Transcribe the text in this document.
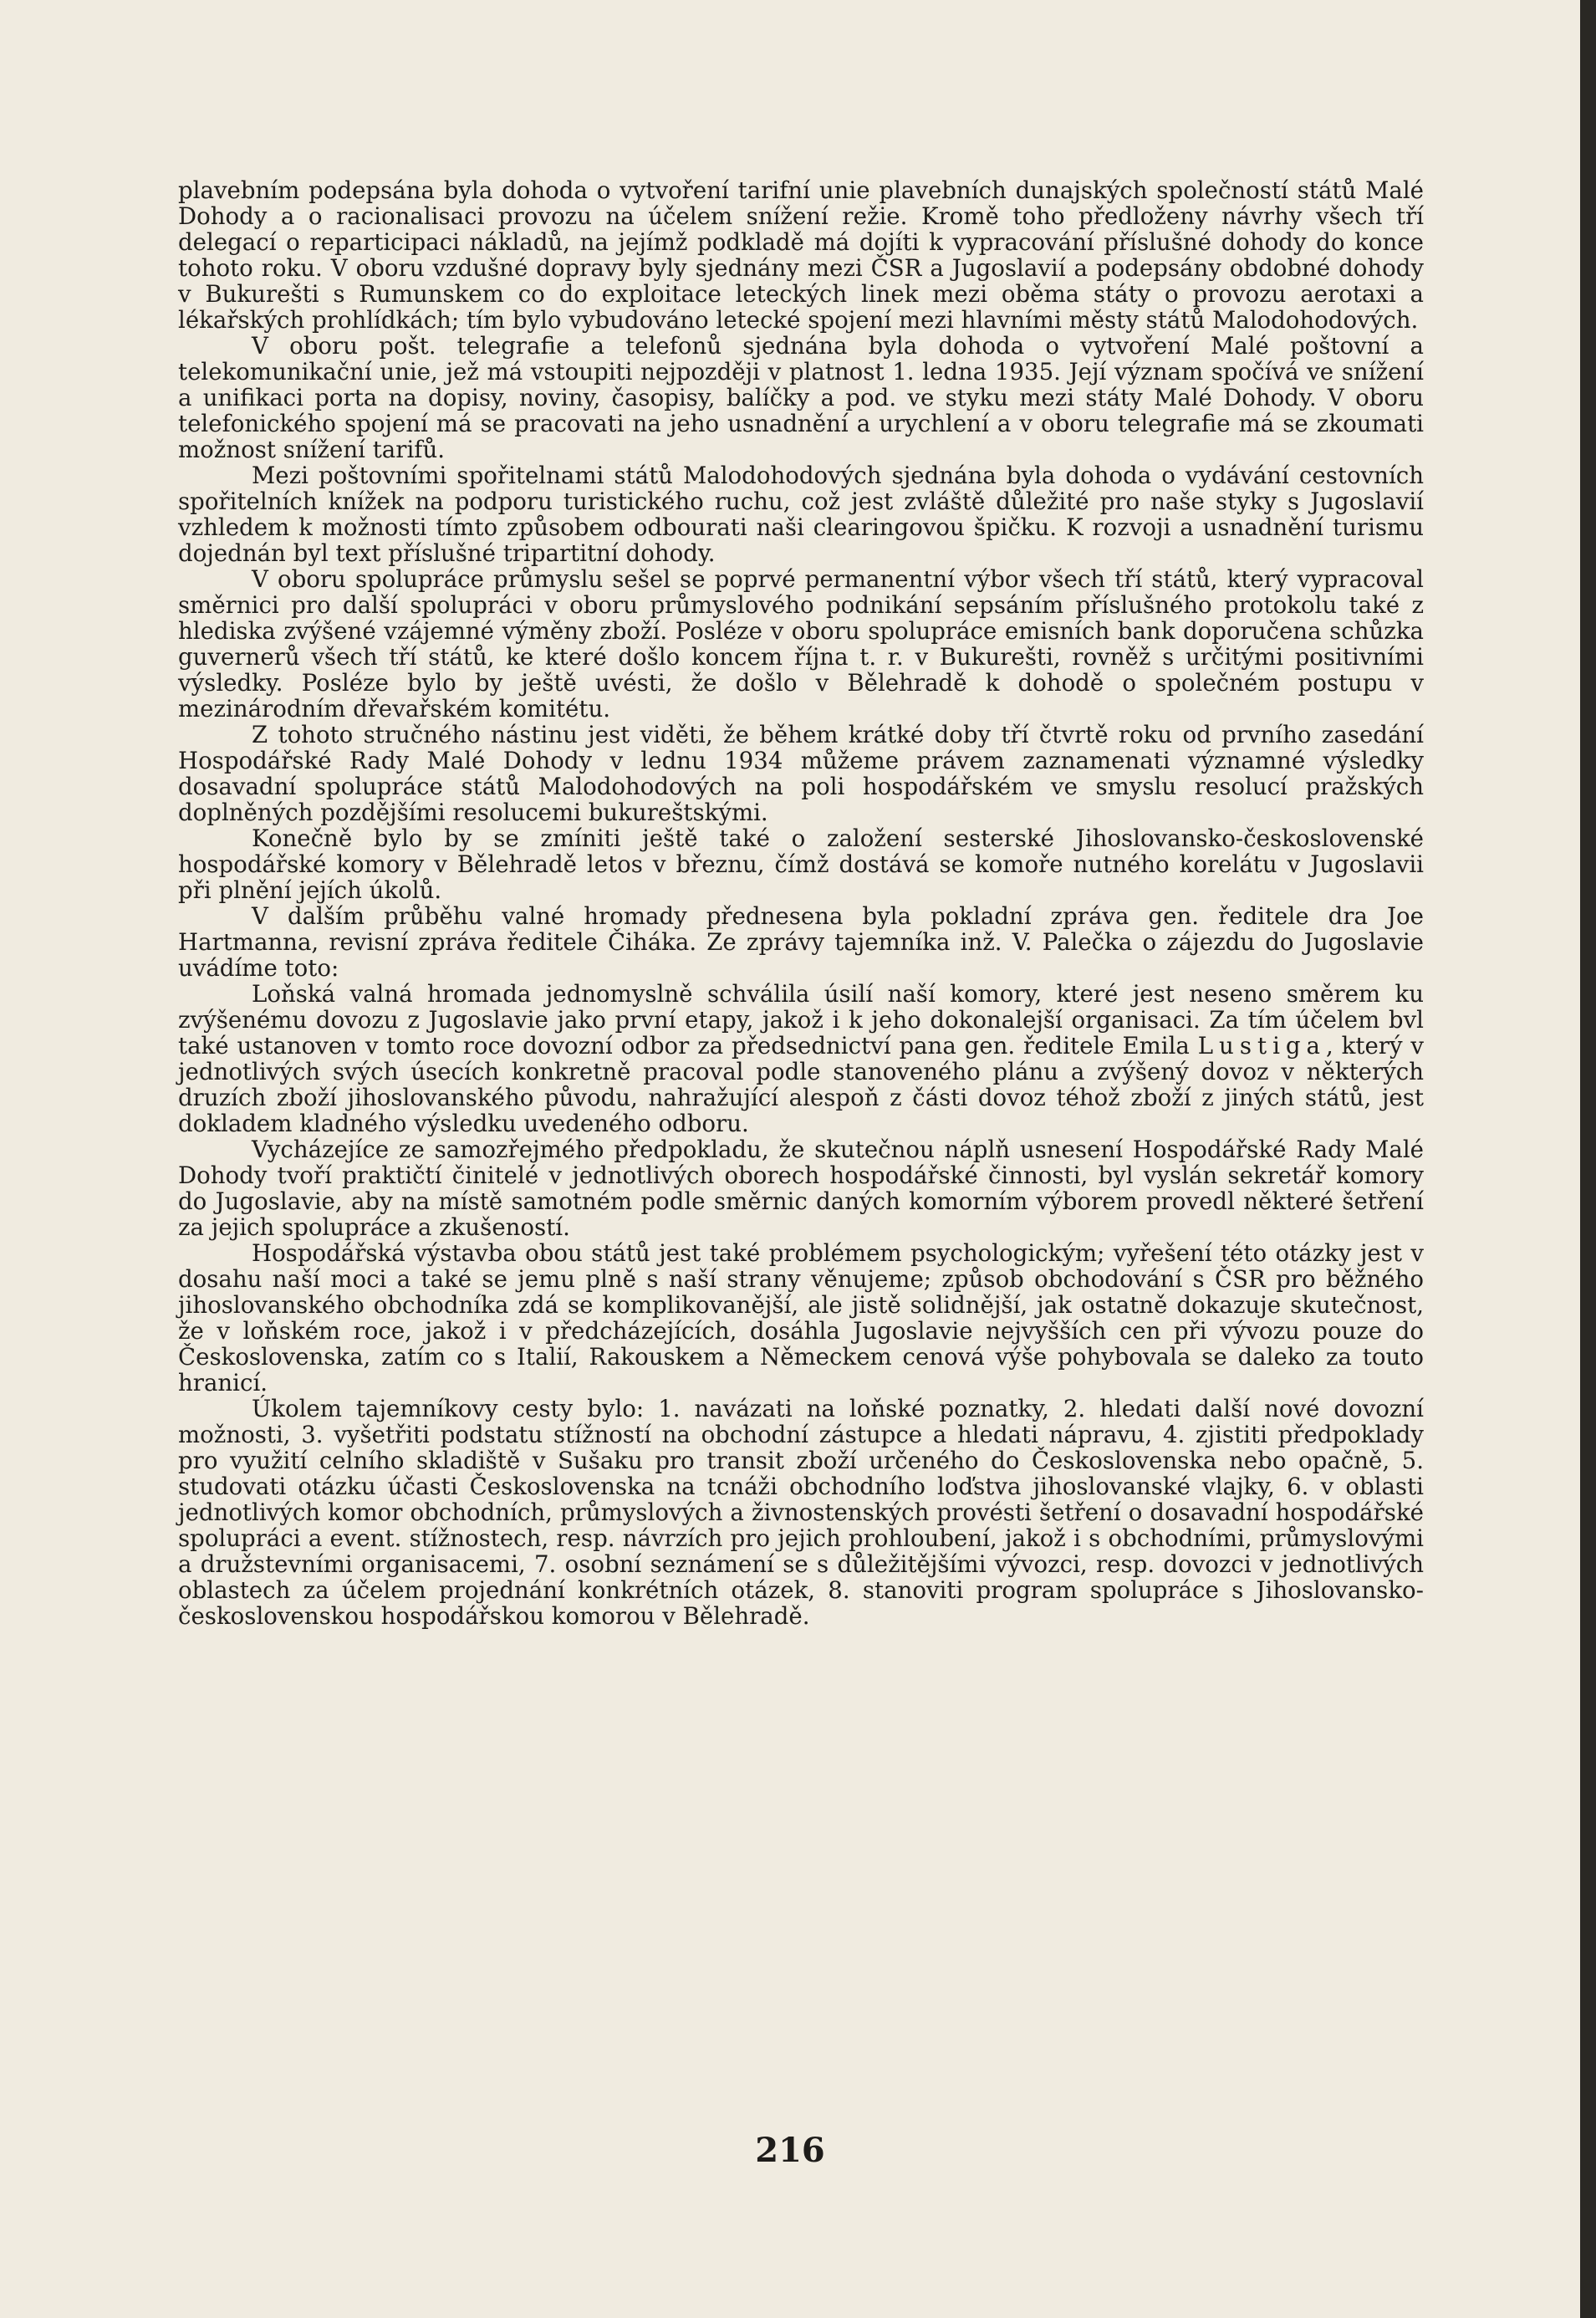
plavebním podepsána byla dohoda o vytvoření tarifní unie plavebních dunajských společností států Malé Dohody a o racionalisaci provozu na účelem snížení režie. Kromě toho předloženy návrhy všech tří delegací o reparticipaci nákladů, na jejímž podkladě má dojíti k vypracování příslušné dohody do konce tohoto roku. V oboru vzdušné dopravy byly sjednány mezi ČSR a Jugoslavií a podepsány obdobné dohody v Bukurešti s Rumunskem co do exploitace leteckých linek mezi oběma státy o provozu aerotaxi a lékařských prohlídkách; tím bylo vybudováno letecké spojení mezi hlavními městy států Malodohodových.

V oboru pošt. telegrafie a telefonů sjednána byla dohoda o vytvoření Malé poštovní a telekomunikační unie, jež má vstoupiti nejpozději v platnost 1. ledna 1935. Její význam spočívá ve snížení a unifikaci porta na dopisy, noviny, časopisy, balíčky a pod. ve styku mezi státy Malé Dohody. V oboru telefonického spojení má se pracovati na jeho usnadnění a urychlení a v oboru telegrafie má se zkoumati možnost snížení tarifů.

Mezi poštovními spořitelnami států Malodohodových sjednána byla dohoda o vydávání cestovních spořitelních knížek na podporu turistického ruchu, což jest zvláště důležité pro naše styky s Jugoslavií vzhledem k možnosti tímto způsobem odbourati naši clearingovou špičku. K rozvoji a usnadnění turismu dojednán byl text příslušné tripartitní dohody.

V oboru spolupráce průmyslu sešel se poprvé permanentní výbor všech tří států, který vypracoval směrnici pro další spolupráci v oboru průmyslového podnikání sepsáním příslušného protokolu také z hlediska zvýšené vzájemné výměny zboží. Posléze v oboru spolupráce emisních bank doporučena schůzka guvernerů všech tří států, ke které došlo koncem října t. r. v Bukurešti, rovněž s určitými positivními výsledky. Posléze bylo by ještě uvésti, že došlo v Bělehradě k dohodě o společném postupu v mezinárodním dřevařském komitétu.

Z tohoto stručného nástinu jest viděti, že během krátké doby tří čtvrtě roku od prvního zasedání Hospodářské Rady Malé Dohody v lednu 1934 můžeme právem zaznamenati významné výsledky dosavadní spolupráce států Malodohodových na poli hospodářském ve smyslu resolucí pražských doplněných pozdějšími resolucemi bukureštskými.

Konečně bylo by se zmíniti ještě také o založení sesterské Jihoslovansko-československé hospodářské komory v Bělehradě letos v březnu, čímž dostává se komoře nutného korelátu v Jugoslavii při plnění jejích úkolů.

V dalším průběhu valné hromady přednesena byla pokladní zpráva gen. ředitele dra Joe Hartmanna, revisní zpráva ředitele Čiháka. Ze zprávy tajemníka inž. V. Palečka o zájezdu do Jugoslavie uvádíme toto:

Loňská valná hromada jednomyslně schválila úsilí naší komory, které jest neseno směrem ku zvýšenému dovozu z Jugoslavie jako první etapy, jakož i k jeho dokonalejší organisaci. Za tím účelem bvl také ustanoven v tomto roce dovozní odbor za předsednictví pana gen. ředitele Emila Lustiga, který v jednotlivých svých úsecích konkretně pracoval podle stanoveného plánu a zvýšený dovoz v některých druzích zboží jihoslovanského původu, nahražující alespoň z části dovoz téhož zboží z jiných států, jest dokladem kladného výsledku uvedeného odboru.

Vycházejíce ze samozřejmého předpokladu, že skutečnou náplň usnesení Hospodářské Rady Malé Dohody tvoří praktičtí činitelé v jednotlivých oborech hospodářské činnosti, byl vyslán sekretář komory do Jugoslavie, aby na místě samotném podle směrnic daných komorním výborem provedl některé šetření za jejich spolupráce a zkušeností.

Hospodářská výstavba obou států jest také problémem psychologickým; vyřešení této otázky jest v dosahu naší moci a také se jemu plně s naší strany věnujeme; způsob obchodování s ČSR pro běžného jihoslovanského obchodníka zdá se komplikovanější, ale jistě solidnější, jak ostatně dokazuje skutečnost, že v loňském roce, jakož i v předcházejících, dosáhla Jugoslavie nejvyšších cen při vývozu pouze do Československa, zatím co s Italií, Rakouskem a Německem cenová výše pohybovala se daleko za touto hranicí.

Úkolem tajemníkovy cesty bylo: 1. navázati na loňské poznatky, 2. hledati další nové dovozní možnosti, 3. vyšetřiti podstatu stížností na obchodní zástupce a hledati nápravu, 4. zjistiti předpoklady pro využití celního skladiště v Sušaku pro transit zboží určeného do Československa nebo opačně, 5. studovati otázku účasti Československa na tcnáži obchodního loďstva jihoslovanské vlajky, 6. v oblasti jednotlivých komor obchodních, průmyslových a živnostenských provésti šetření o dosavadní hospodářské spolupráci a event. stížnostech, resp. návrzích pro jejich prohloubení, jakož i s obchodními, průmyslovými a družstevními organisacemi, 7. osobní seznámení se s důležitějšími vývozci, resp. dovozci v jednotlivých oblastech za účelem projednání konkrétních otázek, 8. stanoviti program spolupráce s Jihoslovansko-československou hospodářskou komorou v Bělehradě.

216
